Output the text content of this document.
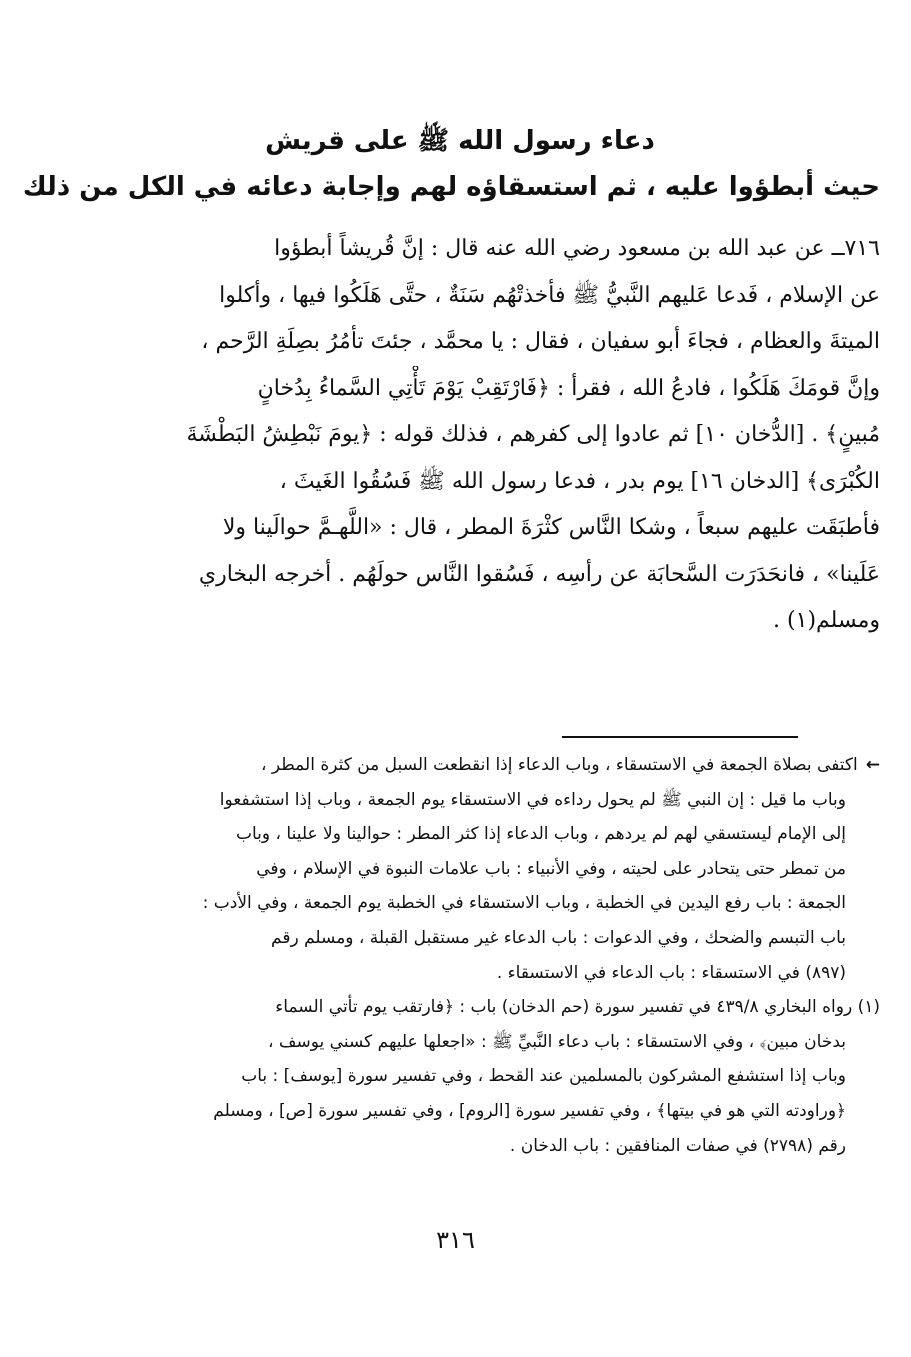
دعاء رسول الله ﷺ على قريش
حيث أبطؤوا عليه ، ثم استسقاؤه لهم وإجابة دعائه في الكل من ذلك
٧١٦ــ عن عبد الله بن مسعود رضي الله عنه قال : إنَّ قُريشاً أبطؤوا
عن الإسلام ، فَدعا عَليهم النَّبيُّ ﷺ فأخذتْهُم سَنَةٌ ، حتَّى هَلَكُوا فيها ، وأكلوا
الميتةَ والعظام ، فجاءَ أبو سفيان ، فقال : يا محمَّد ، جئتَ تأمُرُ بصِلَةِ الرَّحم ،
وإنَّ قومَكَ هَلَكُوا ، فادعُ الله ، فقرأ : ﴿فَارْتَقِبْ يَوْمَ تَأْتِي السَّماءُ بِدُخانٍ
مُبينٍ﴾ . [الدُّخان ١٠] ثم عادوا إلى كفرهم ، فذلك قوله : ﴿يومَ نَبْطِشُ البَطْشَةَ
الكُبْرَى﴾ [الدخان ١٦] يوم بدر ، فدعا رسول الله ﷺ فَسُقُوا الغَيثَ ،
فأطبَقَت عليهم سبعاً ، وشكا النَّاس كثْرَةَ المطر ، قال : «اللَّهـمَّ حوالَينا ولا
عَلَينا» ، فانحَدَرَت السَّحابَة عن رأسِه ، فَسُقوا النَّاس حولَهُم . أخرجه البخاري
ومسلم(١) .
←اكتفى بصلاة الجمعة في الاستسقاء ، وباب الدعاء إذا انقطعت السبل من كثرة المطر ،
وباب ما قيل : إن النبي ﷺ لم يحول رداءه في الاستسقاء يوم الجمعة ، وباب إذا استشفعوا
إلى الإمام ليستسقي لهم لم يردهم ، وباب الدعاء إذا كثر المطر : حوالينا ولا علينا ، وباب
من تمطر حتى يتحادر على لحيته ، وفي الأنبياء : باب علامات النبوة في الإسلام ، وفي
الجمعة : باب رفع اليدين في الخطبة ، وباب الاستسقاء في الخطبة يوم الجمعة ، وفي الأدب :
باب التبسم والضحك ، وفي الدعوات : باب الدعاء غير مستقبل القبلة ، ومسلم رقم
(٨٩٧) في الاستسقاء : باب الدعاء في الاستسقاء .
(١) رواه البخاري ٤٣٩/٨ في تفسير سورة (حم الدخان) باب : ﴿فارتقب يوم تأتي السماء
بدخان مبين﴾ ، وفي الاستسقاء : باب دعاء النَّبيِّ ﷺ : «اجعلها عليهم كسني يوسف ،
وباب إذا استشفع المشركون بالمسلمين عند القحط ، وفي تفسير سورة [يوسف] : باب
﴿وراودته التي هو في بيتها﴾ ، وفي تفسير سورة [الروم] ، وفي تفسير سورة [ص] ، ومسلم
رقم (٢٧٩٨) في صفات المنافقين : باب الدخان .
٣١٦
